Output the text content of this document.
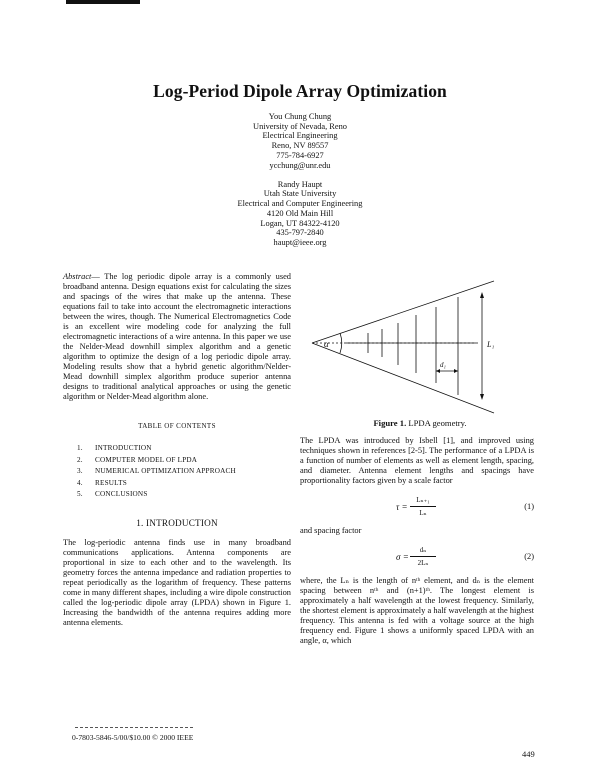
Log-Period Dipole Array Optimization
You Chung Chung
University of Nevada, Reno
Electrical Engineering
Reno, NV 89557
775-784-6927
ycchung@unr.edu
Randy Haupt
Utah State University
Electrical and Computer Engineering
4120 Old Main Hill
Logan, UT 84322-4120
435-797-2840
haupt@ieee.org

Abstract— The log periodic dipole array is a commonly used broadband antenna. Design equations exist for calculating the sizes and spacings of the wires that make up the antenna. These equations fail to take into account the electromagnetic interactions between the wires, though. The Numerical Electromagnetics Code is an excellent wire modeling code for analyzing the full electromagnetic interactions of a wire antenna. In this paper we use the Nelder-Mead downhill simplex algorithm and a genetic algorithm to optimize the design of a log periodic dipole array. Modeling results show that a hybrid genetic algorithm/Nelder-Mead downhill simplex algorithm produce superior antenna designs to traditional analytical approaches or using the genetic algorithm or Nelder-Mead algorithm alone.

TABLE OF CONTENTS
1.	INTRODUCTION
2.	COMPUTER MODEL OF LPDA
3.	NUMERICAL OPTIMIZATION APPROACH
4.	RESULTS
5.	CONCLUSIONS
1. INTRODUCTION

The log-periodic antenna finds use in many broadband communications applications. Antenna components are proportional in size to each other and to the wavelength. Its geometry forces the antenna impedance and radiation properties to repeat periodically as the logarithm of frequency. These patterns come in many different shapes, including a wire dipole construction called the log-periodic dipole array (LPDA) shown in Figure 1. Increasing the bandwidth of the antenna requires adding more antenna elements.

α	L₁
d₁
Figure 1. LPDA geometry.

The LPDA was introduced by Isbell [1], and improved using techniques shown in references [2-5]. The performance of a LPDA is a function of number of elements as well as element length, spacing, and diameter. Antenna element lengths and spacings have proportionality factors given by a scale factor

τ =
Lₙ₊₁
Lₙ
(1)

and spacing factor

σ =
dₙ
2Lₙ
(2)

where, the Lₙ is the length of nᵗʰ element, and dₙ is the element spacing between nᵗʰ and (n+1)ᵗʰ. The longest element is approximately a half wavelength at the lowest frequency. Similarly, the shortest element is approximately a half wavelength at the highest frequency. This antenna is fed with a voltage source at the high frequency end. Figure 1 shows a uniformly spaced LPDA with an angle, α, which

0-7803-5846-5/00/$10.00 © 2000 IEEE
449
